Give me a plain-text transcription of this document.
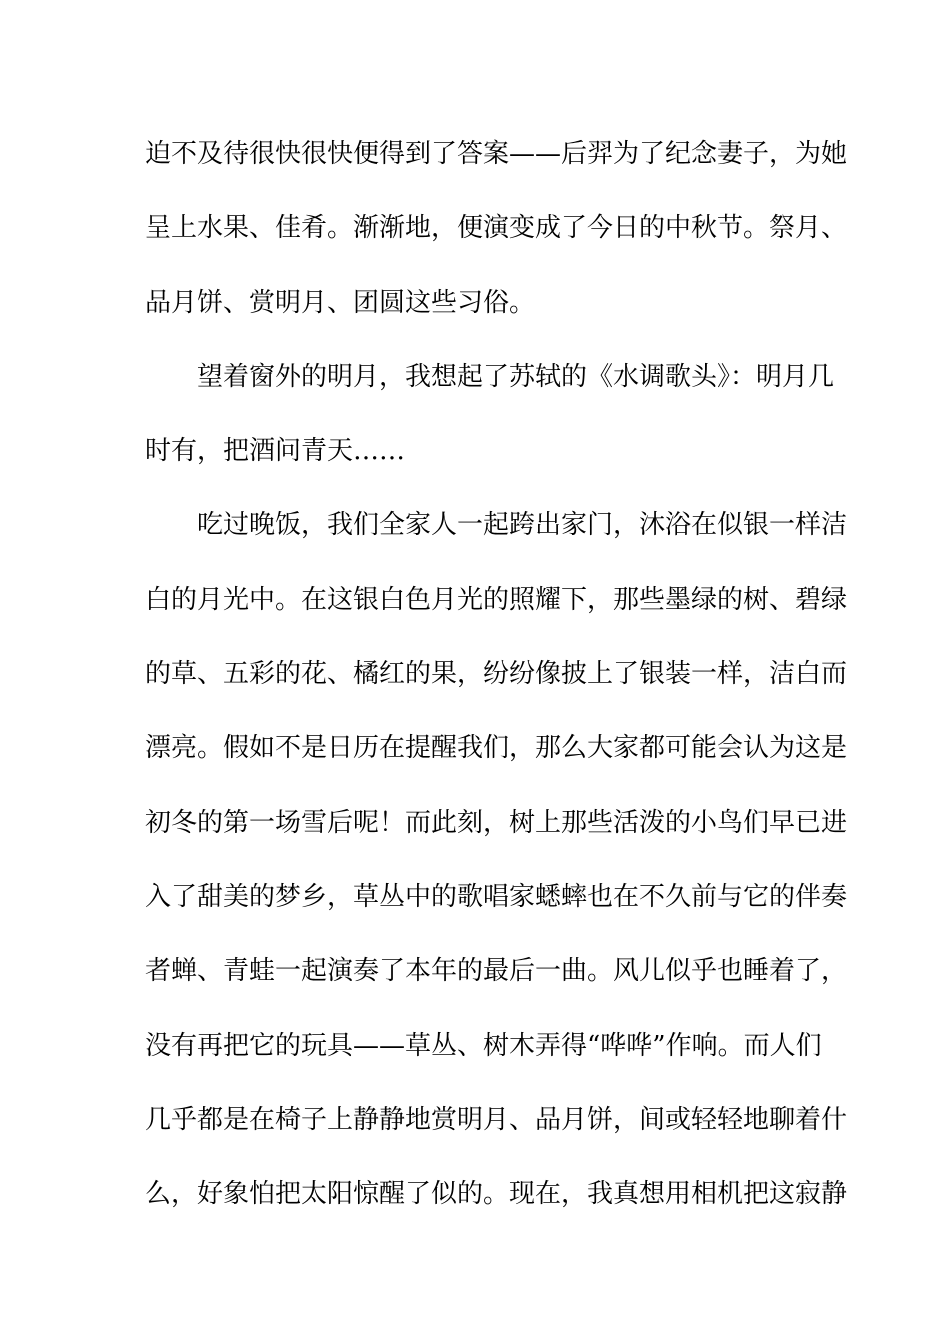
迫不及待很快很快便得到了答案——后羿为了纪念妻子，为她
呈上水果、佳肴。渐渐地，便演变成了今日的中秋节。祭月、
品月饼、赏明月、团圆这些习俗。
望着窗外的明月，我想起了苏轼的《水调歌头》：明月几
时有，把酒问青天……
吃过晚饭，我们全家人一起跨出家门，沐浴在似银一样洁
白的月光中。在这银白色月光的照耀下，那些墨绿的树、碧绿
的草、五彩的花、橘红的果，纷纷像披上了银装一样，洁白而
漂亮。假如不是日历在提醒我们，那么大家都可能会认为这是
初冬的第一场雪后呢！而此刻，树上那些活泼的小鸟们早已进
入了甜美的梦乡，草丛中的歌唱家蟋蟀也在不久前与它的伴奏
者蝉、青蛙一起演奏了本年的最后一曲。风儿似乎也睡着了，
没有再把它的玩具——草丛、树木弄得“哗哗”作响。而人们
几乎都是在椅子上静静地赏明月、品月饼，间或轻轻地聊着什
么，好象怕把太阳惊醒了似的。现在，我真想用相机把这寂静
